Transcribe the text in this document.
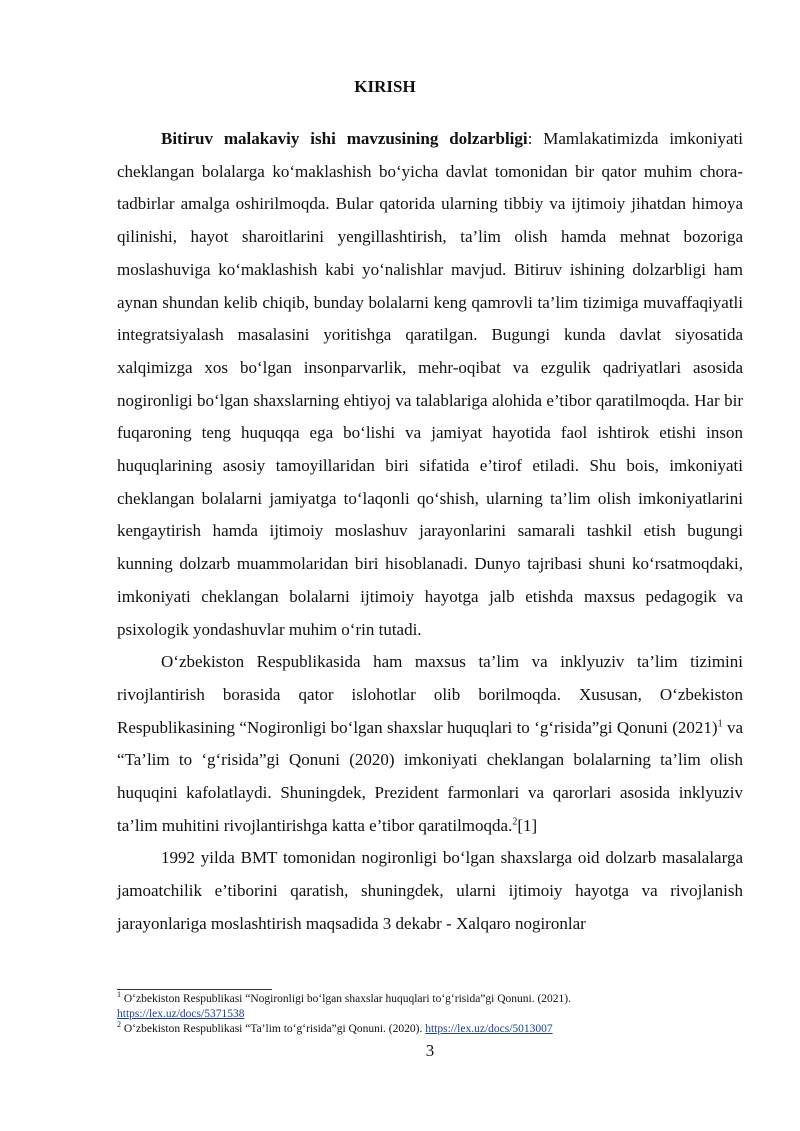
KIRISH

Bitiruv malakaviy ishi mavzusining dolzarbligi: Mamlakatimizda imkoniyati cheklangan bolalarga ko‘maklashish bo‘yicha davlat tomonidan bir qator muhim chora-tadbirlar amalga oshirilmoqda. Bular qatorida ularning tibbiy va ijtimoiy jihatdan himoya qilinishi, hayot sharoitlarini yengillashtirish, ta’lim olish hamda mehnat bozoriga moslashuviga ko‘maklashish kabi yo‘nalishlar mavjud. Bitiruv ishining dolzarbligi ham aynan shundan kelib chiqib, bunday bolalarni keng qamrovli ta’lim tizimiga muvaffaqiyatli integratsiyalash masalasini yoritishga qaratilgan. Bugungi kunda davlat siyosatida xalqimizga xos bo‘lgan insonparvarlik, mehr-oqibat va ezgulik qadriyatlari asosida nogironligi bo‘lgan shaxslarning ehtiyoj va talablariga alohida e’tibor qaratilmoqda. Har bir fuqaroning teng huquqqa ega bo‘lishi va jamiyat hayotida faol ishtirok etishi inson huquqlarining asosiy tamoyillaridan biri sifatida e’tirof etiladi. Shu bois, imkoniyati cheklangan bolalarni jamiyatga to‘laqonli qo‘shish, ularning ta’lim olish imkoniyatlarini kengaytirish hamda ijtimoiy moslashuv jarayonlarini samarali tashkil etish bugungi kunning dolzarb muammolaridan biri hisoblanadi. Dunyo tajribasi shuni ko‘rsatmoqdaki, imkoniyati cheklangan bolalarni ijtimoiy hayotga jalb etishda maxsus pedagogik va psixologik yondashuvlar muhim o‘rin tutadi.

O‘zbekiston Respublikasida ham maxsus ta’lim va inklyuziv ta’lim tizimini rivojlantirish borasida qator islohotlar olib borilmoqda. Xususan, O‘zbekiston Respublikasining “Nogironligi bo‘lgan shaxslar huquqlari to ‘g‘risida”gi Qonuni $(2021)^1$ va “Ta’lim to ‘g‘risida”gi Qonuni (2020) imkoniyati cheklangan bolalarning ta’lim olish huquqini kafolatlaydi. Shuningdek, Prezident farmonlari va qarorlari asosida inklyuziv ta’lim muhitini rivojlantirishga katta e’tibor qaratilmoqda.$^2$[1]

1992 yilda BMT tomonidan nogironligi bo‘lgan shaxslarga oid dolzarb masalalarga jamoatchilik e’tiborini qaratish, shuningdek, ularni ijtimoiy hayotga va rivojlanish jarayonlariga moslashtirish maqsadida 3 dekabr - Xalqaro nogironlar

$^1$ O‘zbekiston Respublikasi “Nogironligi bo‘lgan shaxslar huquqlari to‘g‘risida”gi Qonuni. (2021).
https://lex.uz/docs/5371538
$^2$ O‘zbekiston Respublikasi “Ta’lim to‘g‘risida”gi Qonuni. (2020). https://lex.uz/docs/5013007
3
